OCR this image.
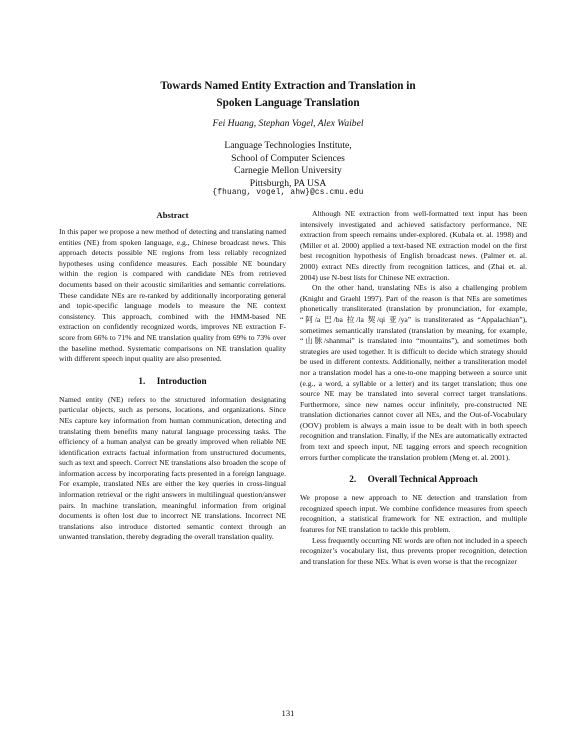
Towards Named Entity Extraction and Translation in
Spoken Language Translation
Fei Huang, Stephan Vogel, Alex Waibel
Language Technologies Institute,
School of Computer Sciences
Carnegie Mellon University
Pittsburgh, PA USA
{fhuang, vogel, ahw}@cs.cmu.edu
Abstract

In this paper we propose a new method of detecting and translating named entities (NE) from spoken language, e.g., Chinese broadcast news. This approach detects possible NE regions from less reliably recognized hypotheses using confidence measures. Each possible NE boundary within the region is compared with candidate NEs from retrieved documents based on their acoustic similarities and semantic correlations. These candidate NEs are re-ranked by additionally incorporating general and topic-specific language models to measure the NE context consistency. This approach, combined with the HMM-based NE extraction on confidently recognized words, improves NE extraction F-score from 66% to 71% and NE translation quality from 69% to 73% over the baseline method. Systematic comparisons on NE translation quality with different speech input quality are also presented.

1.     Introduction

Named entity (NE) refers to the structured information designating particular objects, such as persons, locations, and organizations. Since NEs capture key information from human communication, detecting and translating them benefits many natural language processing tasks. The efficiency of a human analyst can be greatly improved when reliable NE identification extracts factual information from unstructured documents, such as text and speech. Correct NE translations also broaden the scope of information access by incorporating facts presented in a foreign language. For example, translated NEs are either the key queries in cross-lingual information retrieval or the right answers in multilingual question/answer pairs. In machine translation, meaningful information from original documents is often lost due to incorrect NE translations. Incorrect NE translations also introduce distorted semantic context through an unwanted translation, thereby degrading the overall translation quality.

Although NE extraction from well-formatted text input has been intensively investigated and achieved satisfactory performance, NE extraction from speech remains under-explored. (Kubala et. al. 1998) and (Miller et al. 2000) applied a text-based NE extraction model on the first best recognition hypothesis of English broadcast news. (Palmer et. al. 2000) extract NEs directly from recognition lattices, and (Zhai et. al. 2004) use N-best lists for Chinese NE extraction.

On the other hand, translating NEs is also a challenging problem (Knight and Graehl 1997). Part of the reason is that NEs are sometimes phonetically transliterated (translation by pronunciation, for example, “阿/a 巴/ba 拉/la 契/qi 亚/ya” is transliterated as “Appalachian”), sometimes semantically translated (translation by meaning, for example, “山脉/shanmai” is translated into “mountains”), and sometimes both strategies are used together. It is difficult to decide which strategy should be used in different contexts. Additionally, neither a transliteration model nor a translation model has a one-to-one mapping between a source unit (e.g., a word, a syllable or a letter) and its target translation; thus one source NE may be translated into several correct target translations. Furthermore, since new names occur infinitely, pre-constructed NE translation dictionaries cannot cover all NEs, and the Out-of-Vocabulary (OOV) problem is always a main issue to be dealt with in both speech recognition and translation. Finally, if the NEs are automatically extracted from text and speech input, NE tagging errors and speech recognition errors further complicate the translation problem (Meng et. al. 2001).

2.     Overall Technical Approach

We propose a new approach to NE detection and translation from recognized speech input. We combine confidence measures from speech recognition, a statistical framework for NE extraction, and multiple features for NE translation to tackle this problem.

Less frequently occurring NE words are often not included in a speech recognizer’s vocabulary list, thus prevents proper recognition, detection and translation for these NEs. What is even worse is that the recognizer

131
